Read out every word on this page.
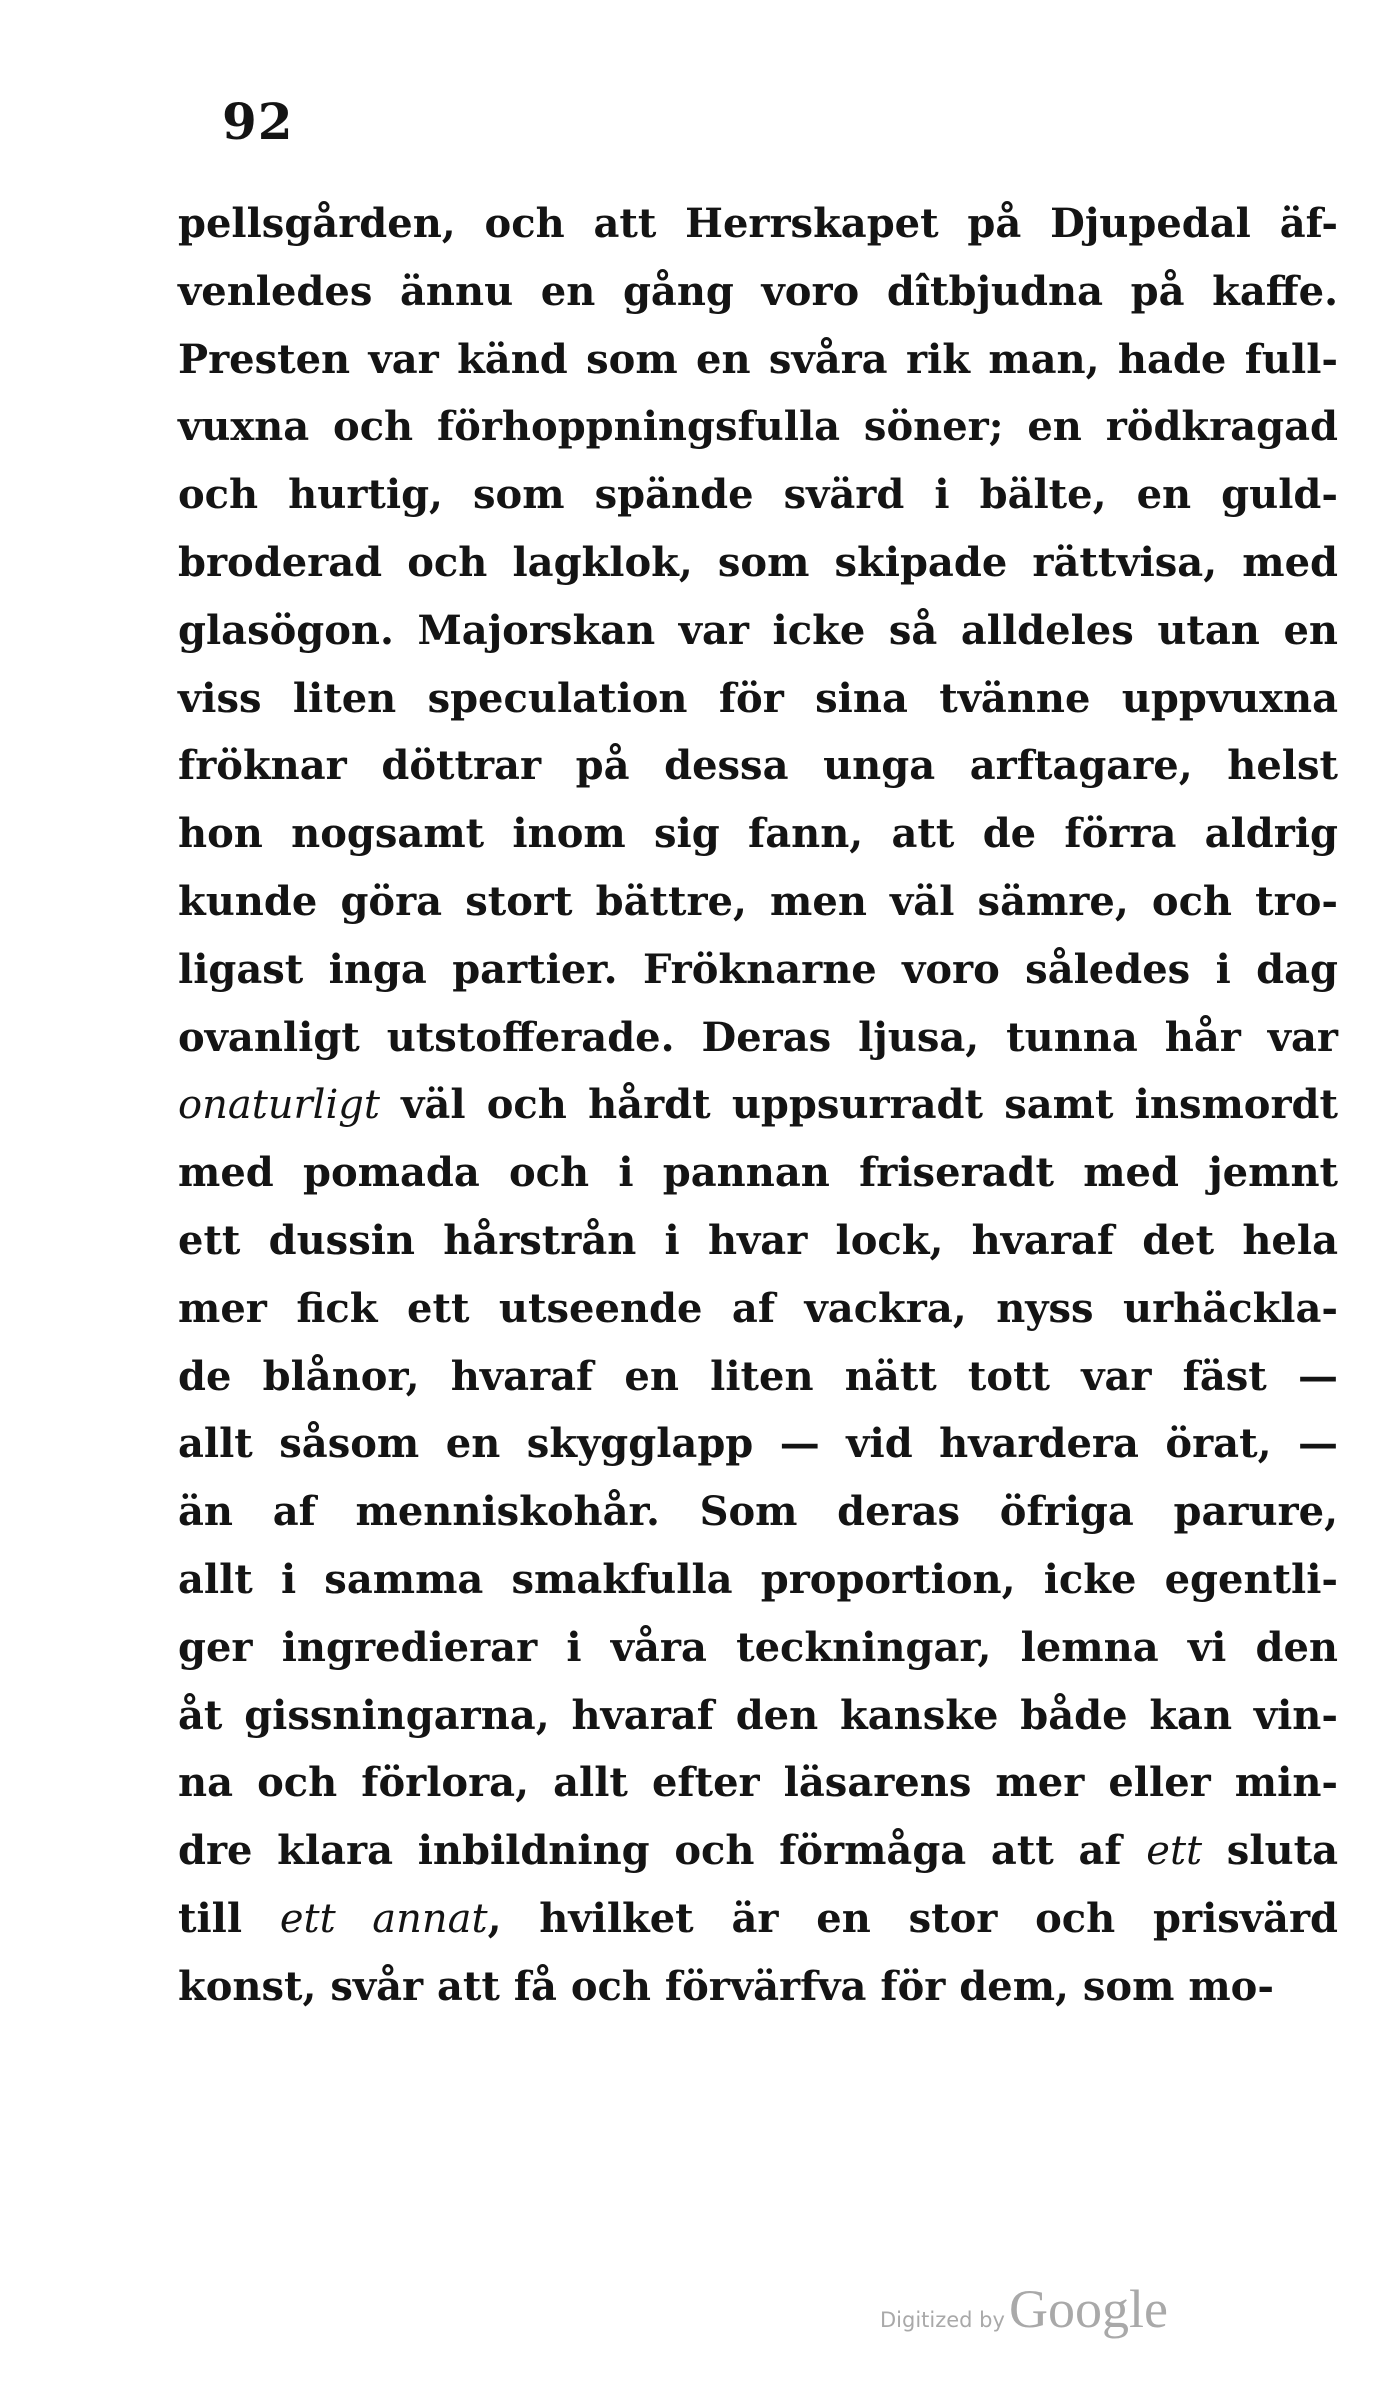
92
pellsgården, och att Herrskapet på Djupedal äf-
venledes ännu en gång voro dîtbjudna på kaffe.
Presten var känd som en svåra rik man, hade full-
vuxna och förhoppningsfulla söner; en rödkragad
och hurtig, som spände svärd i bälte, en guld-
broderad och lagklok, som skipade rättvisa, med
glasögon. Majorskan var icke så alldeles utan en
viss liten speculation för sina tvänne uppvuxna
fröknar döttrar på dessa unga arftagare, helst
hon nogsamt inom sig fann, att de förra aldrig
kunde göra stort bättre, men väl sämre, och tro-
ligast inga partier. Fröknarne voro således i dag
ovanligt utstofferade. Deras ljusa, tunna hår var
onaturligt väl och hårdt uppsurradt samt insmordt
med pomada och i pannan friseradt med jemnt
ett dussin hårstrån i hvar lock, hvaraf det hela
mer fick ett utseende af vackra, nyss urhäckla-
de blånor, hvaraf en liten nätt tott var fäst —
allt såsom en skygglapp — vid hvardera örat, —
än af menniskohår. Som deras öfriga parure,
allt i samma smakfulla proportion, icke egentli-
ger ingredierar i våra teckningar, lemna vi den
åt gissningarna, hvaraf den kanske både kan vin-
na och förlora, allt efter läsarens mer eller min-
dre klara inbildning och förmåga att af ett sluta
till ett annat, hvilket är en stor och prisvärd
konst, svår att få och förvärfva för dem, som mo-
Digitized byGoogle
